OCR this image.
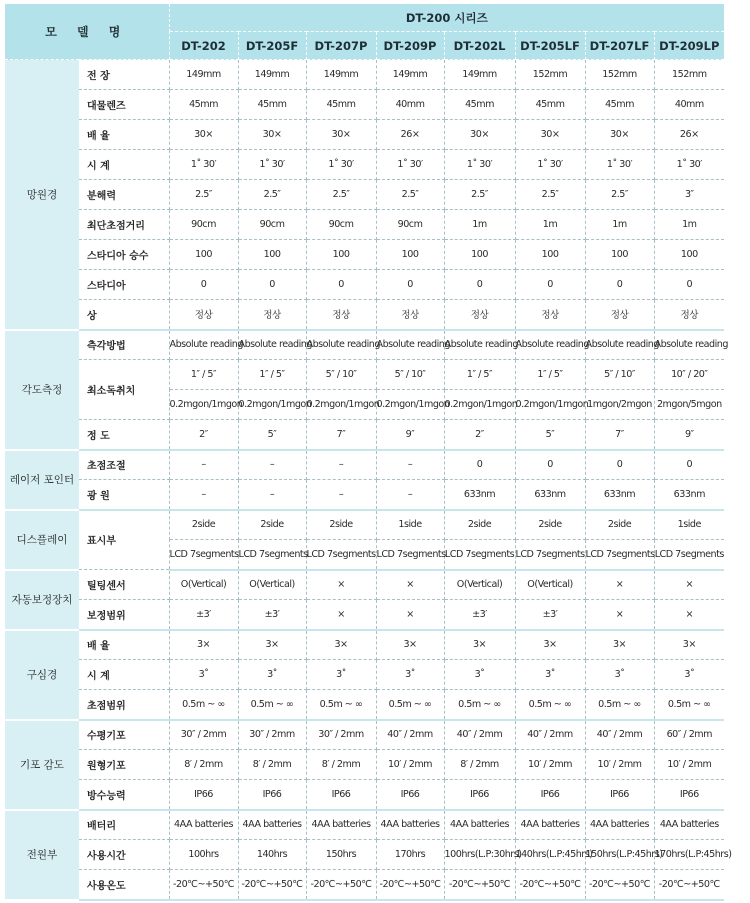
모 델 명		DT-200 시리즈							
		DT-202	DT-205F	DT-207P	DT-209P	DT-202L	DT-205LF	DT-207LF	DT-209LP
망원경	전 장	149mm	149mm	149mm	149mm	149mm	152mm	152mm	152mm
	대물렌즈	45mm	45mm	45mm	40mm	45mm	45mm	45mm	40mm
	배 율	30×	30×	30×	26×	30×	30×	30×	26×
	시 계	1˚ 30′	1˚ 30′	1˚ 30′	1˚ 30′	1˚ 30′	1˚ 30′	1˚ 30′	1˚ 30′
	분해력	2.5″	2.5″	2.5″	2.5″	2.5″	2.5″	2.5″	3″
	최단초점거리	90cm	90cm	90cm	90cm	1m	1m	1m	1m
	스타디아 승수	100	100	100	100	100	100	100	100
	스타디아	0	0	0	0	0	0	0	0
	상	정상	정상	정상	정상	정상	정상	정상	정상
각도측정	측각방법	Absolute reading	Absolute reading	Absolute reading	Absolute reading	Absolute reading	Absolute reading	Absolute reading	Absolute reading
	최소독취치	1″ / 5″	1″ / 5″	5″ / 10″	5″ / 10″	1″ / 5″	1″ / 5″	5″ / 10″	10″ / 20″
		0.2mgon/1mgon	0.2mgon/1mgon	0.2mgon/1mgon	0.2mgon/1mgon	0.2mgon/1mgon	0.2mgon/1mgon	1mgon/2mgon	2mgon/5mgon
	정 도	2″	5″	7″	9″	2″	5″	7″	9″
레이저 포인터	초점조절	–	–	–	–	0	0	0	0
	광 원	–	–	–	–	633nm	633nm	633nm	633nm
디스플레이	표시부	2side	2side	2side	1side	2side	2side	2side	1side
		LCD 7segments	LCD 7segments	LCD 7segments	LCD 7segments	LCD 7segments	LCD 7segments	LCD 7segments	LCD 7segments
자동보정장치	틸팅센서	O(Vertical)	O(Vertical)	×	×	O(Vertical)	O(Vertical)	×	×
	보정범위	±3′	±3′	×	×	±3′	±3′	×	×
구심경	배 율	3×	3×	3×	3×	3×	3×	3×	3×
	시 계	3˚	3˚	3˚	3˚	3˚	3˚	3˚	3˚
	초점범위	0.5m ~ ∞	0.5m ~ ∞	0.5m ~ ∞	0.5m ~ ∞	0.5m ~ ∞	0.5m ~ ∞	0.5m ~ ∞	0.5m ~ ∞
기포 감도	수평기포	30″ / 2mm	30″ / 2mm	30″ / 2mm	40″ / 2mm	40″ / 2mm	40″ / 2mm	40″ / 2mm	60″ / 2mm
	원형기포	8′ / 2mm	8′ / 2mm	8′ / 2mm	10′ / 2mm	8′ / 2mm	10′ / 2mm	10′ / 2mm	10′ / 2mm
	방수능력	IP66	IP66	IP66	IP66	IP66	IP66	IP66	IP66
전원부	배터리	4AA batteries	4AA batteries	4AA batteries	4AA batteries	4AA batteries	4AA batteries	4AA batteries	4AA batteries
	사용시간	100hrs	140hrs	150hrs	170hrs	100hrs(L.P:30hrs)	140hrs(L.P:45hrs)	150hrs(L.P:45hrs)	170hrs(L.P:45hrs)
	사용온도	-20℃~+50℃	-20℃~+50℃	-20℃~+50℃	-20℃~+50℃	-20℃~+50℃	-20℃~+50℃	-20℃~+50℃	-20℃~+50℃
